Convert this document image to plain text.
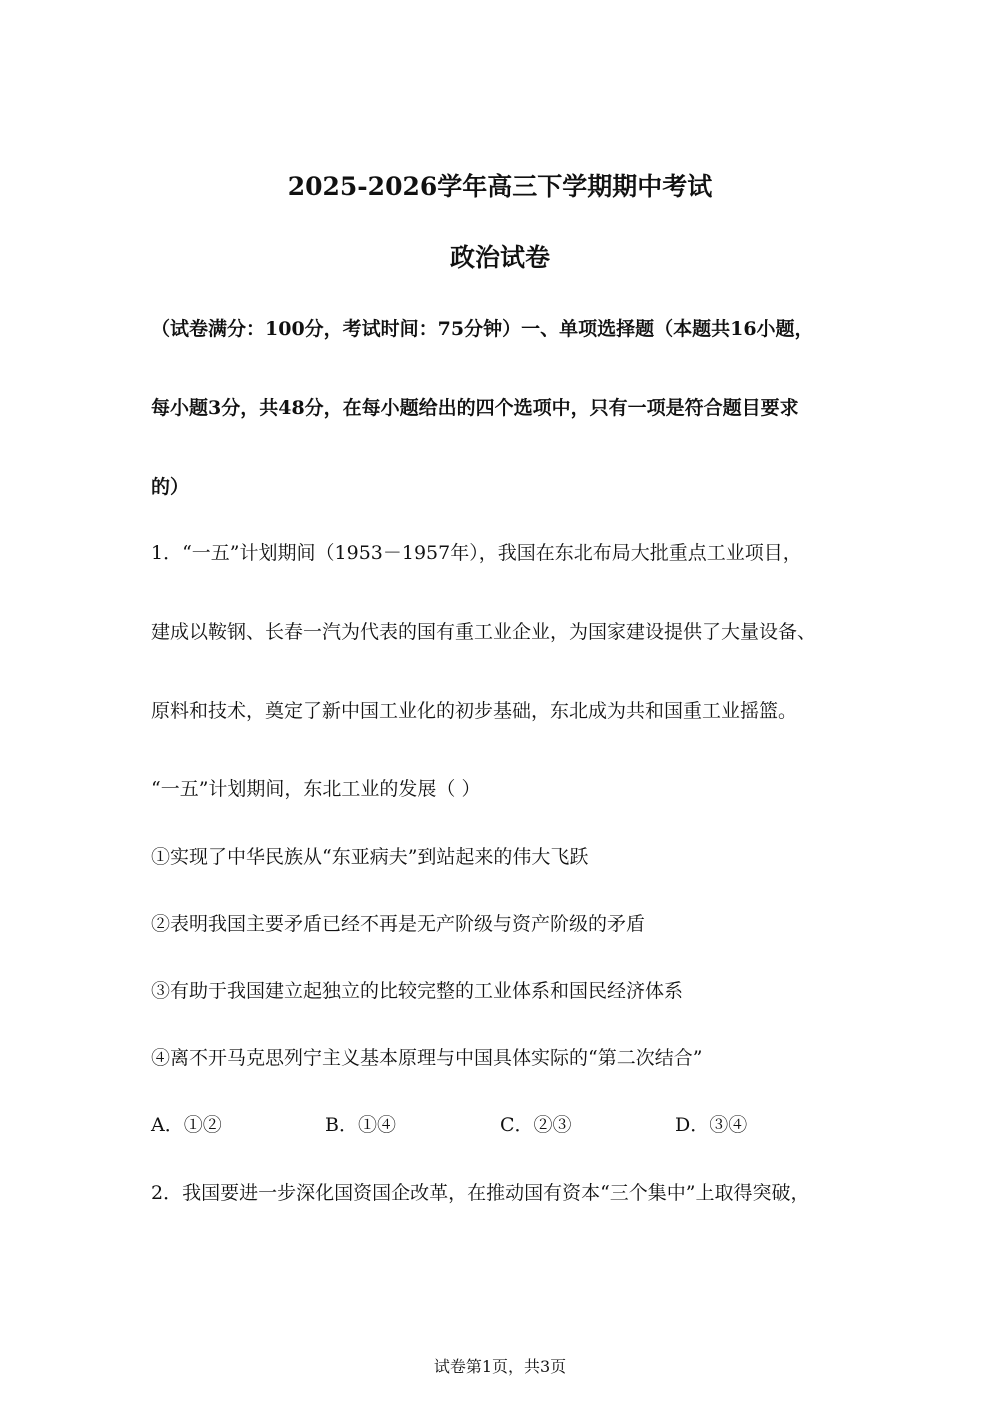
2025-2026学年高三下学期期中考试
政治试卷
（试卷满分：100分，考试时间：75分钟）一、单项选择题（本题共16小题，
每小题3分，共48分，在每小题给出的四个选项中，只有一项是符合题目要求
的）
1．“一五”计划期间（1953－1957年），我国在东北布局大批重点工业项目，
建成以鞍钢、长春一汽为代表的国有重工业企业，为国家建设提供了大量设备、
原料和技术，奠定了新中国工业化的初步基础，东北成为共和国重工业摇篮。
“一五”计划期间，东北工业的发展（ ）
①实现了中华民族从“东亚病夫”到站起来的伟大飞跃
②表明我国主要矛盾已经不再是无产阶级与资产阶级的矛盾
③有助于我国建立起独立的比较完整的工业体系和国民经济体系
④离不开马克思列宁主义基本原理与中国具体实际的“第二次结合”
A．①②	B．①④	C．②③	D．③④
2．我国要进一步深化国资国企改革，在推动国有资本“三个集中”上取得突破，
试卷第1页，共3页
